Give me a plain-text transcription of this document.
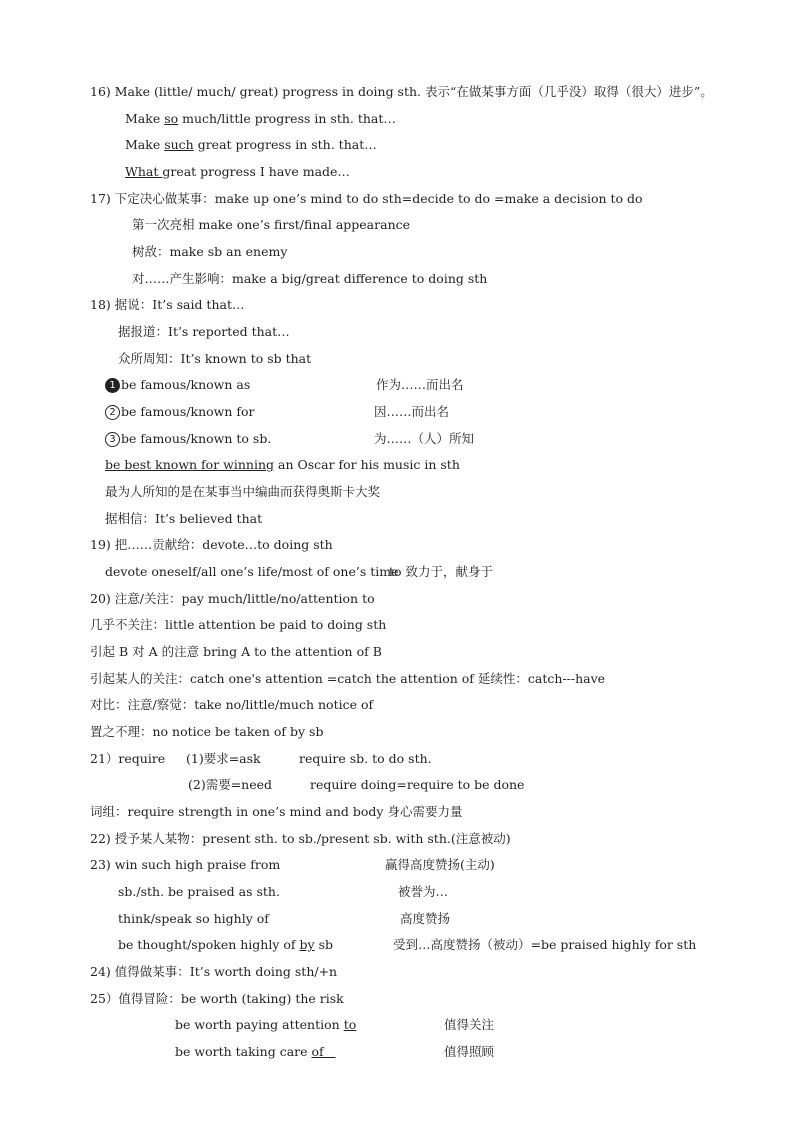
16) Make (little/ much/ great) progress in doing sth. 表示“在做某事方面（几乎没）取得（很大）进步”。
Make so much/little progress in sth. that…
Make such great progress in sth. that…
What great progress I have made…
17) 下定决心做某事：make up one’s mind to do sth=decide to do =make a decision to do
第一次亮相 make one’s first/final appearance
树敌：make sb an enemy
对……产生影响：make a big/great difference to doing sth
18) 据说：It’s said that…
据报道：It’s reported that…
众所周知：It’s known to sb that
1 be famous/known as	作为……而出名
2 be famous/known for	因……而出名
3 be famous/known to sb.	为……（人）所知
be best known for winning an Oscar for his music in sth
最为人所知的是在某事当中编曲而获得奥斯卡大奖
据相信：It’s believed that
19) 把……贡献给：devote…to doing sth
devote oneself/all one’s life/most of one’s time
to 致力于，献身于
20) 注意/关注：pay much/little/no/attention to
几乎不关注：little attention be paid to doing sth
引起 B 对 A 的注意 bring A to the attention of B
引起某人的关注：catch one's attention =catch the attention of 延续性：catch---have
对比：注意/察觉：take no/little/much notice of
置之不理：no notice be taken of by sb
21）require (1)要求=ask	require sb. to do sth.
(2)需要=need	require doing=require to be done
词组：require strength in one’s mind and body 身心需要力量
22) 授予某人某物：present sth. to sb./present sb. with sth.(注意被动)
23) win such high praise from	赢得高度赞扬(主动)
sb./sth. be praised as sth.	被誉为…
think/speak so highly of	高度赞扬
be thought/spoken highly of by sb	受到…高度赞扬（被动）=be praised highly for sth
24) 值得做某事：It’s worth doing sth/+n
25）值得冒险：be worth (taking) the risk
be worth paying attention to	值得关注
be worth taking care of	值得照顾
